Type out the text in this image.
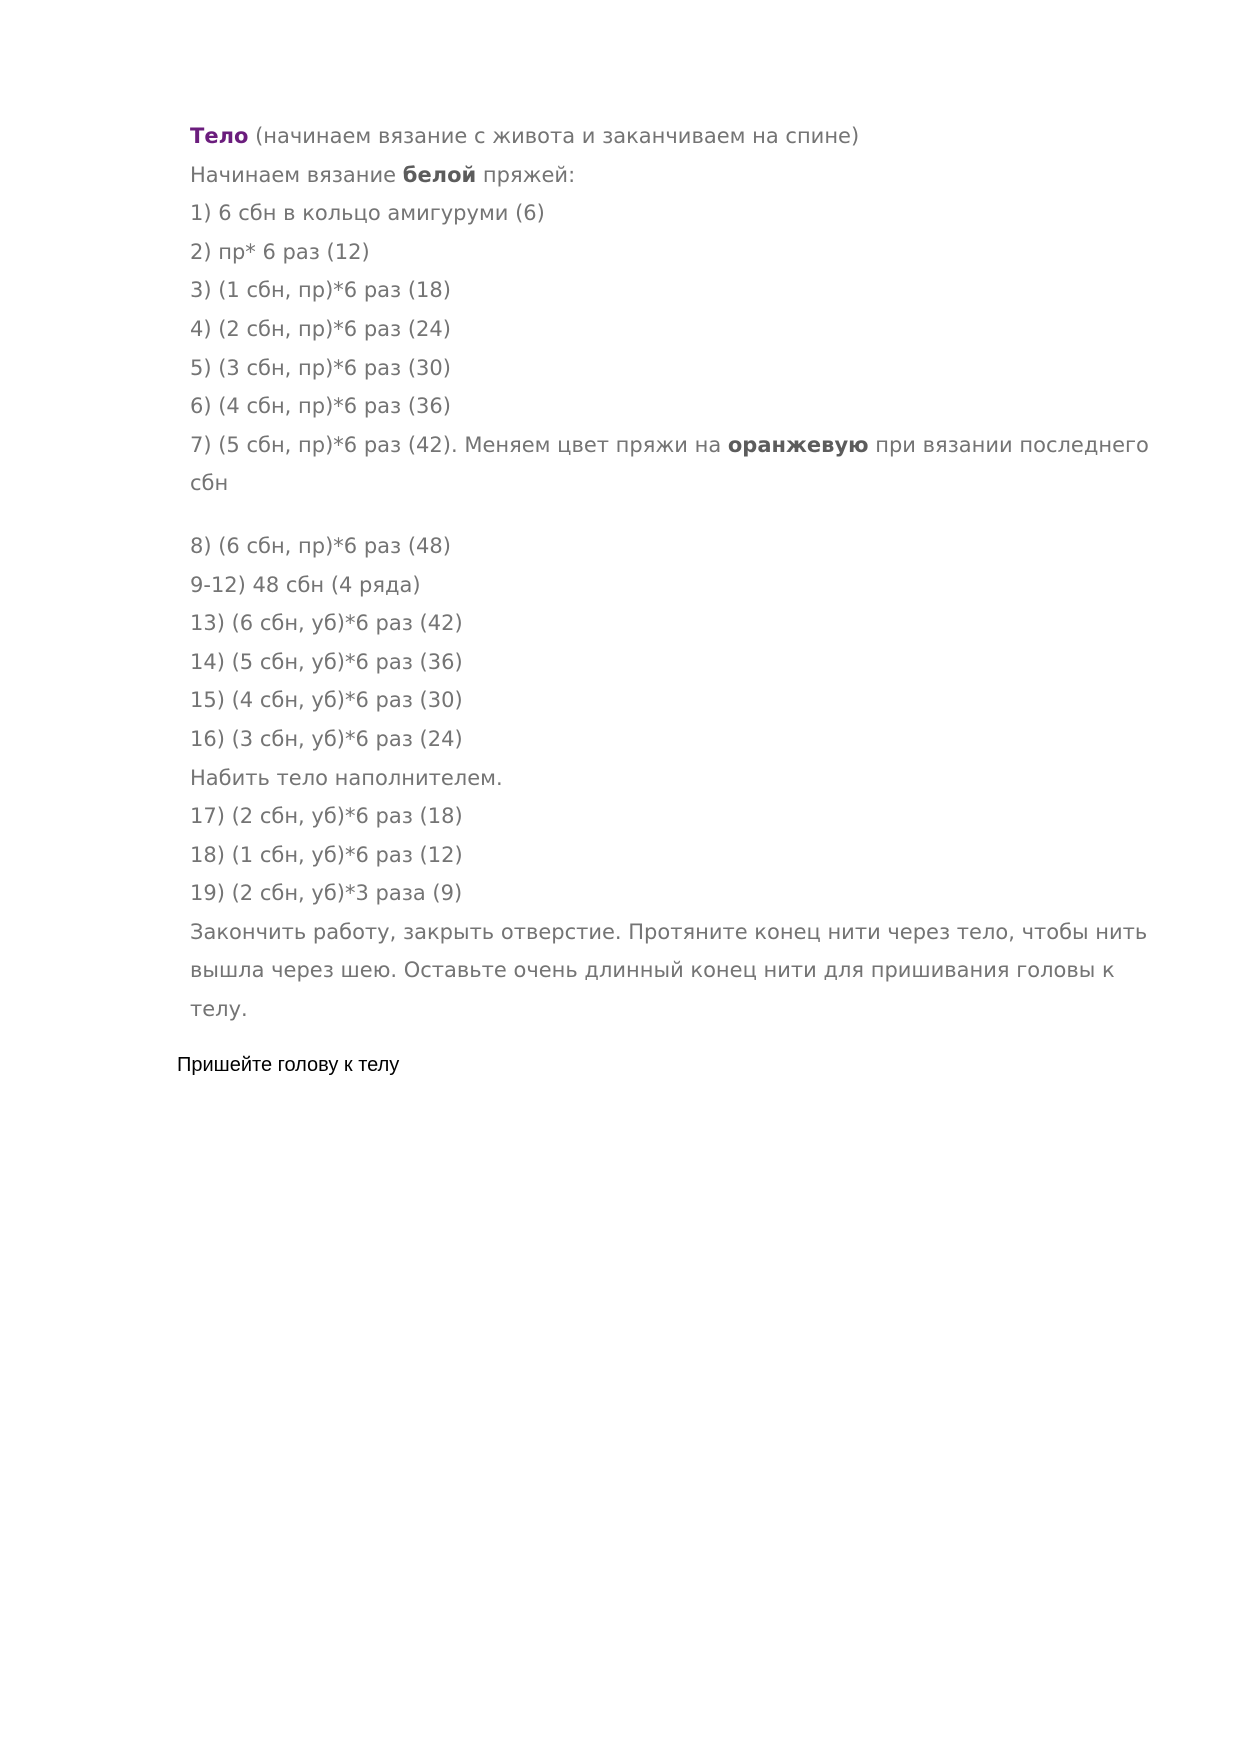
Тело (начинаем вязание с живота и заканчиваем на спине)
Начинаем вязание белой пряжей:
1) 6 сбн в кольцо амигуруми (6)
2) пр* 6 раз (12)
3) (1 сбн, пр)*6 раз (18)
4) (2 сбн, пр)*6 раз (24)
5) (3 сбн, пр)*6 раз (30)
6) (4 сбн, пр)*6 раз (36)
7) (5 сбн, пр)*6 раз (42). Меняем цвет пряжи на оранжевую при вязании последнего сбн
8) (6 сбн, пр)*6 раз (48)
9-12) 48 сбн (4 ряда)
13) (6 сбн, уб)*6 раз (42)
14) (5 сбн, уб)*6 раз (36)
15) (4 сбн, уб)*6 раз (30)
16) (3 сбн, уб)*6 раз (24)
Набить тело наполнителем.
17) (2 сбн, уб)*6 раз (18)
18) (1 сбн, уб)*6 раз (12)
19) (2 сбн, уб)*3 раза (9)
Закончить работу, закрыть отверстие. Протяните конец нити через тело, чтобы нить вышла через шею. Оставьте очень длинный конец нити для пришивания головы к телу.
Пришейте голову к телу
